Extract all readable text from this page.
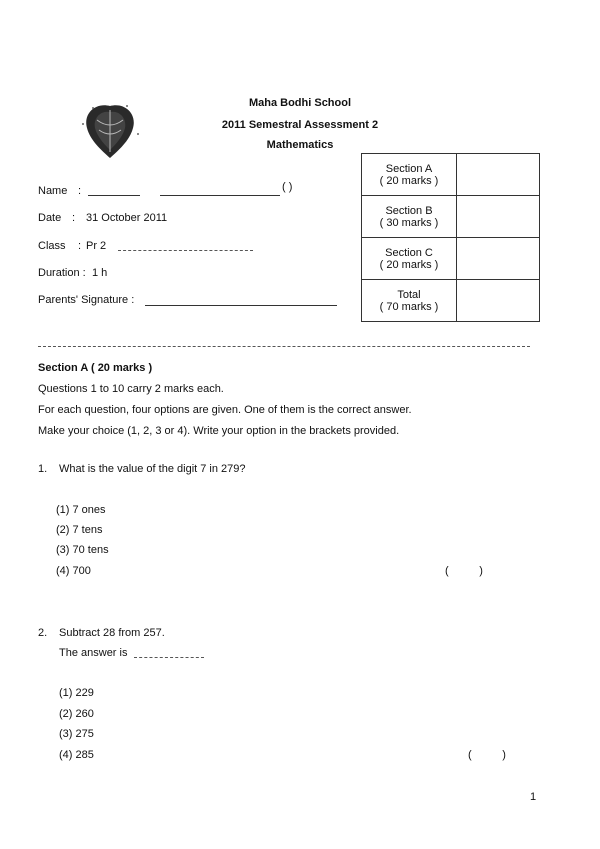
Maha Bodhi School
2011 Semestral Assessment 2
Mathematics
Name :	( )
Date : 31 October 2011
Class : Pr 2
Duration : 1 h
Parents' Signature :
Section A
( 20 marks )	

Section B
( 30 marks )	

Section C
( 20 marks )	

Total
( 70 marks )	

Section A ( 20 marks )
Questions 1 to 10 carry 2 marks each.
For each question, four options are given. One of them is the correct answer.
Make your choice (1, 2, 3 or 4). Write your option in the brackets provided.
1. What is the value of the digit 7 in 279?
(1) 7 ones
(2) 7 tens
(3) 70 tens
(4) 700	(          )
2. Subtract 28 from 257.
The answer is
(1) 229
(2) 260
(3) 275
(4) 285	(          )
1
